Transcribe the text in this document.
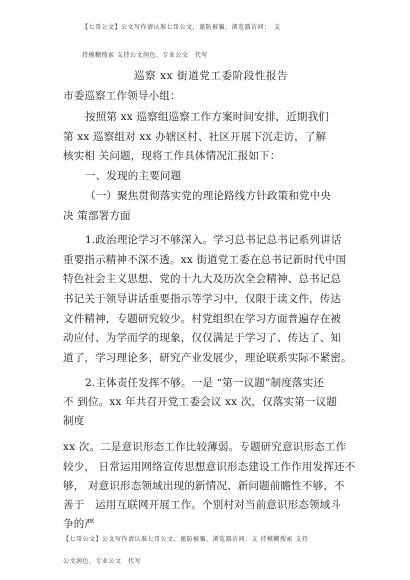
【七哥公文】公文写作请认准七哥公文，谨防被骗，浏览器访问：　支
持模糊搜索 支持公文润色、专业公文　代写
巡察 xx 街道党工委阶段性报告
市委巡察工作领导小组：
按照第 xx 巡察组巡察工作方案时间安排，近期我们
第 xx 巡察组对 xx 办辖区村、社区开展下沉走访，了解
核实相 关问题，现将工作具体情况汇报如下：
一、发现的主要问题
（一）聚焦贯彻落实党的理论路线方针政策和党中央
决 策部署方面
1.政治理论学习不够深入。学习总书记总书记系列讲话
重要指示精神不深不透。xx 街道党工委在总书记新时代中国
特色社会主义思想、党的十九大及历次全会精神、总书记总
书记关于领导讲话重要指示等学习中，仅限于读文件，传达
文件精神，专题研究较少。村党组织在学习方面普遍存在被
动应付、为学而学的现象，仅仅满足于学习了、传达了、知
道了，学习理论多，研究产业发展少，理论联系实际不紧密。
2.主体责任发挥不够。一是 “第一议题”制度落实还
不 到位。xx 年共召开党工委会议 xx 次，仅落实第一议题
制度
xx 次。二是意识形态工作比较薄弱。专题研究意识形态工作
较少， 日常运用网络宣传思想意识形态建设工作作用发挥还不
够， 对意识形态领域出现的新情况、新问题前瞻性不够，不
善于　运用互联网开展工作。个别村对当前意识形态领域斗
争的严
【七哥公文】公文写作请认准七哥公文，谨防被骗，浏览器访问：支 持模糊搜索 支持
公文润色、专业公文　代写
